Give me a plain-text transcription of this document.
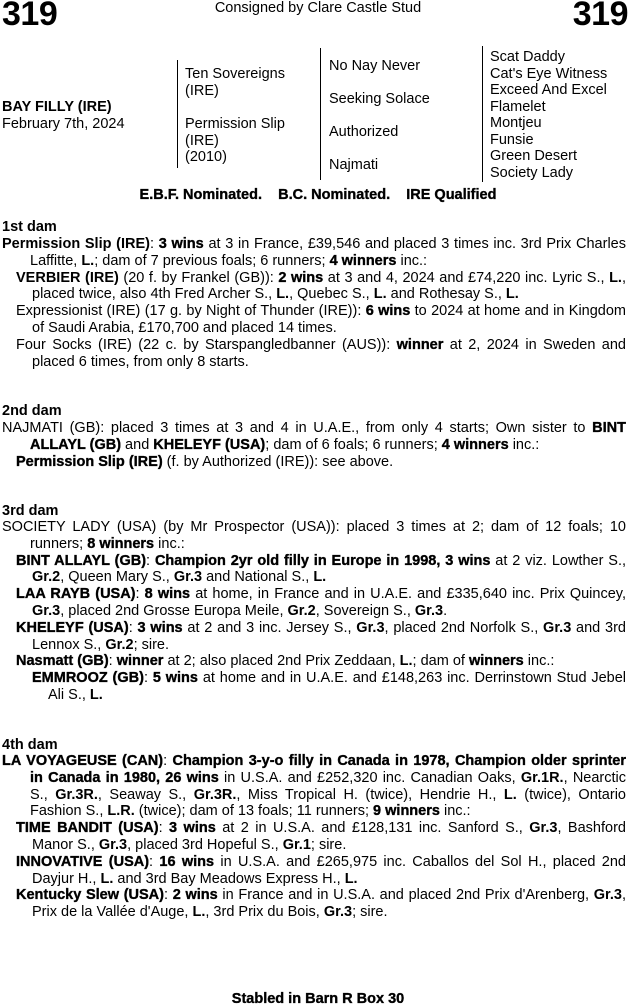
319	Consigned by Clare Castle Stud	319
BAY FILLY (IRE)
February 7th, 2024
Ten Sovereigns
(IRE)
Permission Slip
(IRE)
(2010)
No Nay Never
Seeking Solace
Authorized
Najmati
Scat Daddy
Cat's Eye Witness
Exceed And Excel
Flamelet
Montjeu
Funsie
Green Desert
Society Lady
E.B.F. Nominated.    B.C. Nominated.    IRE Qualified
1st dam

Permission Slip (IRE): 3 wins at 3 in France, £39,546 and placed 3 times inc. 3rd Prix Charles Laffitte, L.; dam of 7 previous foals; 6 runners; 4 winners inc.:

VERBIER (IRE) (20 f. by Frankel (GB)): 2 wins at 3 and 4, 2024 and £74,220 inc. Lyric S., L., placed twice, also 4th Fred Archer S., L., Quebec S., L. and Rothesay S., L.

Expressionist (IRE) (17 g. by Night of Thunder (IRE)): 6 wins to 2024 at home and in Kingdom of Saudi Arabia, £170,700 and placed 14 times.

Four Socks (IRE) (22 c. by Starspangledbanner (AUS)): winner at 2, 2024 in Sweden and placed 6 times, from only 8 starts.

2nd dam

NAJMATI (GB): placed 3 times at 3 and 4 in U.A.E., from only 4 starts; Own sister to BINT ALLAYL (GB) and KHELEYF (USA); dam of 6 foals; 6 runners; 4 winners inc.:

Permission Slip (IRE) (f. by Authorized (IRE)): see above.

3rd dam

SOCIETY LADY (USA) (by Mr Prospector (USA)): placed 3 times at 2; dam of 12 foals; 10 runners; 8 winners inc.:

BINT ALLAYL (GB): Champion 2yr old filly in Europe in 1998, 3 wins at 2 viz. Lowther S., Gr.2, Queen Mary S., Gr.3 and National S., L.

LAA RAYB (USA): 8 wins at home, in France and in U.A.E. and £335,640 inc. Prix Quincey, Gr.3, placed 2nd Grosse Europa Meile, Gr.2, Sovereign S., Gr.3.

KHELEYF (USA): 3 wins at 2 and 3 inc. Jersey S., Gr.3, placed 2nd Norfolk S., Gr.3 and 3rd Lennox S., Gr.2; sire.

Nasmatt (GB): winner at 2; also placed 2nd Prix Zeddaan, L.; dam of winners inc.:

EMMROOZ (GB): 5 wins at home and in U.A.E. and £148,263 inc. Derrinstown Stud Jebel Ali S., L.

4th dam

LA VOYAGEUSE (CAN): Champion 3-y-o filly in Canada in 1978, Champion older sprinter in Canada in 1980, 26 wins in U.S.A. and £252,320 inc. Canadian Oaks, Gr.1R., Nearctic S., Gr.3R., Seaway S., Gr.3R., Miss Tropical H. (twice), Hendrie H., L. (twice), Ontario Fashion S., L.R. (twice); dam of 13 foals; 11 runners; 9 winners inc.:

TIME BANDIT (USA): 3 wins at 2 in U.S.A. and £128,131 inc. Sanford S., Gr.3, Bashford Manor S., Gr.3, placed 3rd Hopeful S., Gr.1; sire.

INNOVATIVE (USA): 16 wins in U.S.A. and £265,975 inc. Caballos del Sol H., placed 2nd Dayjur H., L. and 3rd Bay Meadows Express H., L.

Kentucky Slew (USA): 2 wins in France and in U.S.A. and placed 2nd Prix d'Arenberg, Gr.3, Prix de la Vallée d'Auge, L., 3rd Prix du Bois, Gr.3; sire.

Stabled in Barn R Box 30
